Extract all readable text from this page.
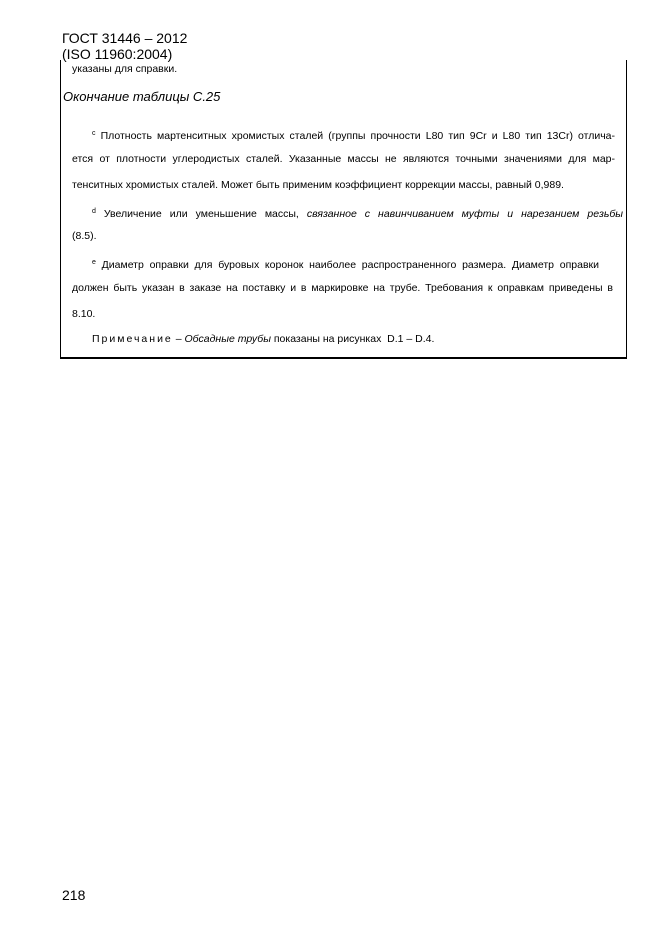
ГОСТ 31446 – 2012
(ISO 11960:2004)
указаны для справки.
Окончание таблицы С.25
$^c$ Плотность мартенситных хромистых сталей (группы прочности L80 тип 9Cr и L80 тип 13Cr) отлича-
ется от плотности углеродистых сталей. Указанные массы не являются точными значениями для мар-
тенситных хромистых сталей. Может быть применим коэффициент коррекции массы, равный 0,989.
$^d$ Увеличение или уменьшение массы, связанное с навинчиванием муфты и нарезанием резьбы
(8.5).
$^e$ Диаметр оправки для буровых коронок наиболее распространенного размера. Диаметр оправки
должен быть указан в заказе на поставку и в маркировке на трубе. Требования к оправкам приведены в
8.10.
Примечание – Обсадные трубы показаны на рисунках  D.1 – D.4.
218
